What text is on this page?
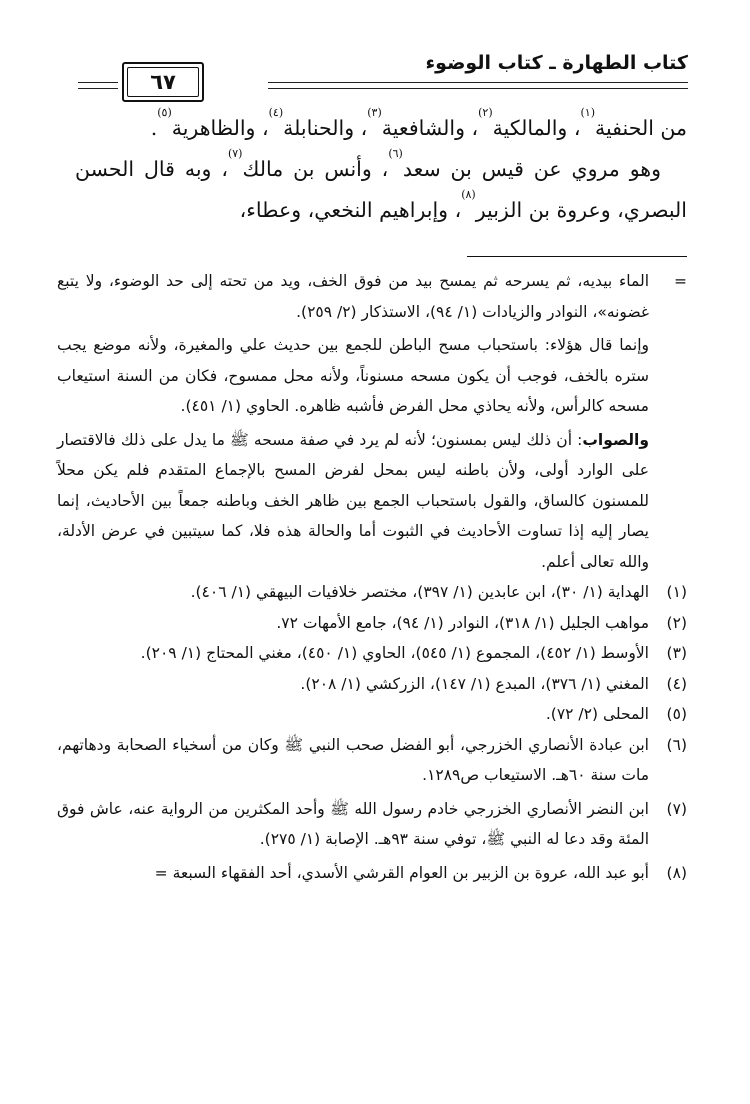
كتاب الطهارة ـ كتاب الوضوء
٦٧

من الحنفية$^{(١)}$، والمالكية$^{(٢)}$، والشافعية$^{(٣)}$، والحنابلة$^{(٤)}$، والظاهرية$^{(٥)}$.

وهو مروي عن قيس بن سعد$^{(٦)}$، وأنس بن مالك$^{(٧)}$، وبه قال الحسن البصري، وعروة بن الزبير$^{(٨)}$، وإبراهيم النخعي، وعطاء،

=
الماء بيديه، ثم يسرحه ثم يمسح بيد من فوق الخف، ويد من تحته إلى حد الوضوء، ولا يتبع غضونه»، النوادر والزيادات (١/ ٩٤)، الاستذكار (٢/ ٢٥٩).
وإنما قال هؤلاء: باستحباب مسح الباطن للجمع بين حديث علي والمغيرة، ولأنه موضع يجب ستره بالخف، فوجب أن يكون مسحه مسنوناً، ولأنه محل ممسوح، فكان من السنة استيعاب مسحه كالرأس، ولأنه يحاذي محل الفرض فأشبه ظاهره. الحاوي (١/ ٤٥١).
والصواب: أن ذلك ليس بمسنون؛ لأنه لم يرد في صفة مسحه ﷺ ما يدل على ذلك فالاقتصار على الوارد أولى، ولأن باطنه ليس بمحل لفرض المسح بالإجماع المتقدم فلم يكن محلاً للمسنون كالساق، والقول باستحباب الجمع بين ظاهر الخف وباطنه جمعاً بين الأحاديث، إنما يصار إليه إذا تساوت الأحاديث في الثبوت أما والحالة هذه فلا، كما سيتبين في عرض الأدلة، والله تعالى أعلم.
(١)
الهداية (١/ ٣٠)، ابن عابدين (١/ ٣٩٧)، مختصر خلافيات البيهقي (١/ ٤٠٦).
(٢)
مواهب الجليل (١/ ٣١٨)، النوادر (١/ ٩٤)، جامع الأمهات ٧٢.
(٣)
الأوسط (١/ ٤٥٢)، المجموع (١/ ٥٤٥)، الحاوي (١/ ٤٥٠)، مغني المحتاج (١/ ٢٠٩).
(٤)
المغني (١/ ٣٧٦)، المبدع (١/ ١٤٧)، الزركشي (١/ ٢٠٨).
(٥)
المحلى (٢/ ٧٢).
(٦)
ابن عبادة الأنصاري الخزرجي، أبو الفضل صحب النبي ﷺ وكان من أسخياء الصحابة ودهاتهم، مات سنة ٦٠هـ. الاستيعاب ص١٢٨٩.
(٧)
ابن النضر الأنصاري الخزرجي خادم رسول الله ﷺ وأحد المكثرين من الرواية عنه، عاش فوق المئة وقد دعا له النبي ﷺ، توفي سنة ٩٣هـ. الإصابة (١/ ٢٧٥).
(٨)
أبو عبد الله، عروة بن الزبير بن العوام القرشي الأسدي، أحد الفقهاء السبعة =
